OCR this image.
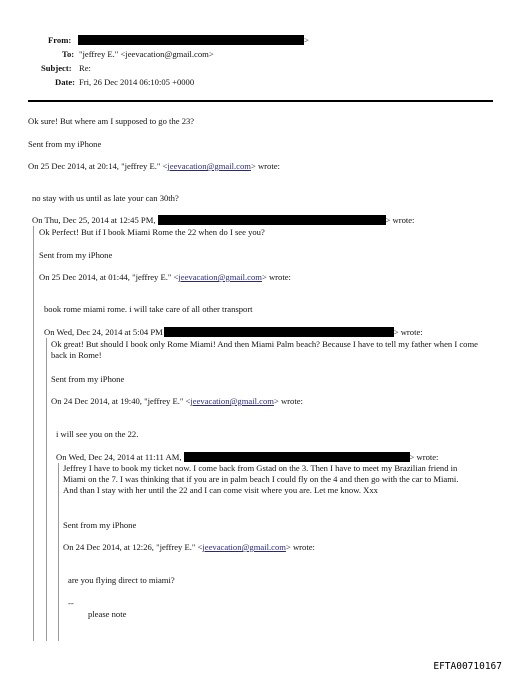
From:	>
To: "jeffrey E." <jeevacation@gmail.com>
Subject: Re:
Date: Fri, 26 Dec 2014 06:10:05 +0000
Ok sure! But where am I supposed to go the 23?
Sent from my iPhone
On 25 Dec 2014, at 20:14, "jeffrey E." <jeevacation@gmail.com> wrote:
no stay with us until as late your can 30th?
On Thu, Dec 25, 2014 at 12:45 PM,	> wrote:
Ok Perfect! But if I book Miami Rome the 22 when do I see you?
Sent from my iPhone
On 25 Dec 2014, at 01:44, "jeffrey E." <jeevacation@gmail.com> wrote:
book rome miami rome. i will take care of all other transport
On Wed, Dec 24, 2014 at 5:04 PM	> wrote:
Ok great! But should I book only Rome Miami! And then Miami Palm beach? Because I have to tell my father when I come back in Rome!
Sent from my iPhone
On 24 Dec 2014, at 19:40, "jeffrey E." <jeevacation@gmail.com> wrote:
i will see you on the 22.
On Wed, Dec 24, 2014 at 11:11 AM,	> wrote:
Jeffrey I have to book my ticket now. I come back from Gstad on the 3. Then I have to meet my Brazilian friend in Miami on the 7. I was thinking that if you are in palm beach I could fly on the 4 and then go with the car to Miami. And than I stay with her until the 22 and I can come visit where you are. Let me know. Xxx
Sent from my iPhone
On 24 Dec 2014, at 12:26, "jeffrey E." <jeevacation@gmail.com> wrote:
are you flying direct to miami?
--
please note
EFTA00710167
